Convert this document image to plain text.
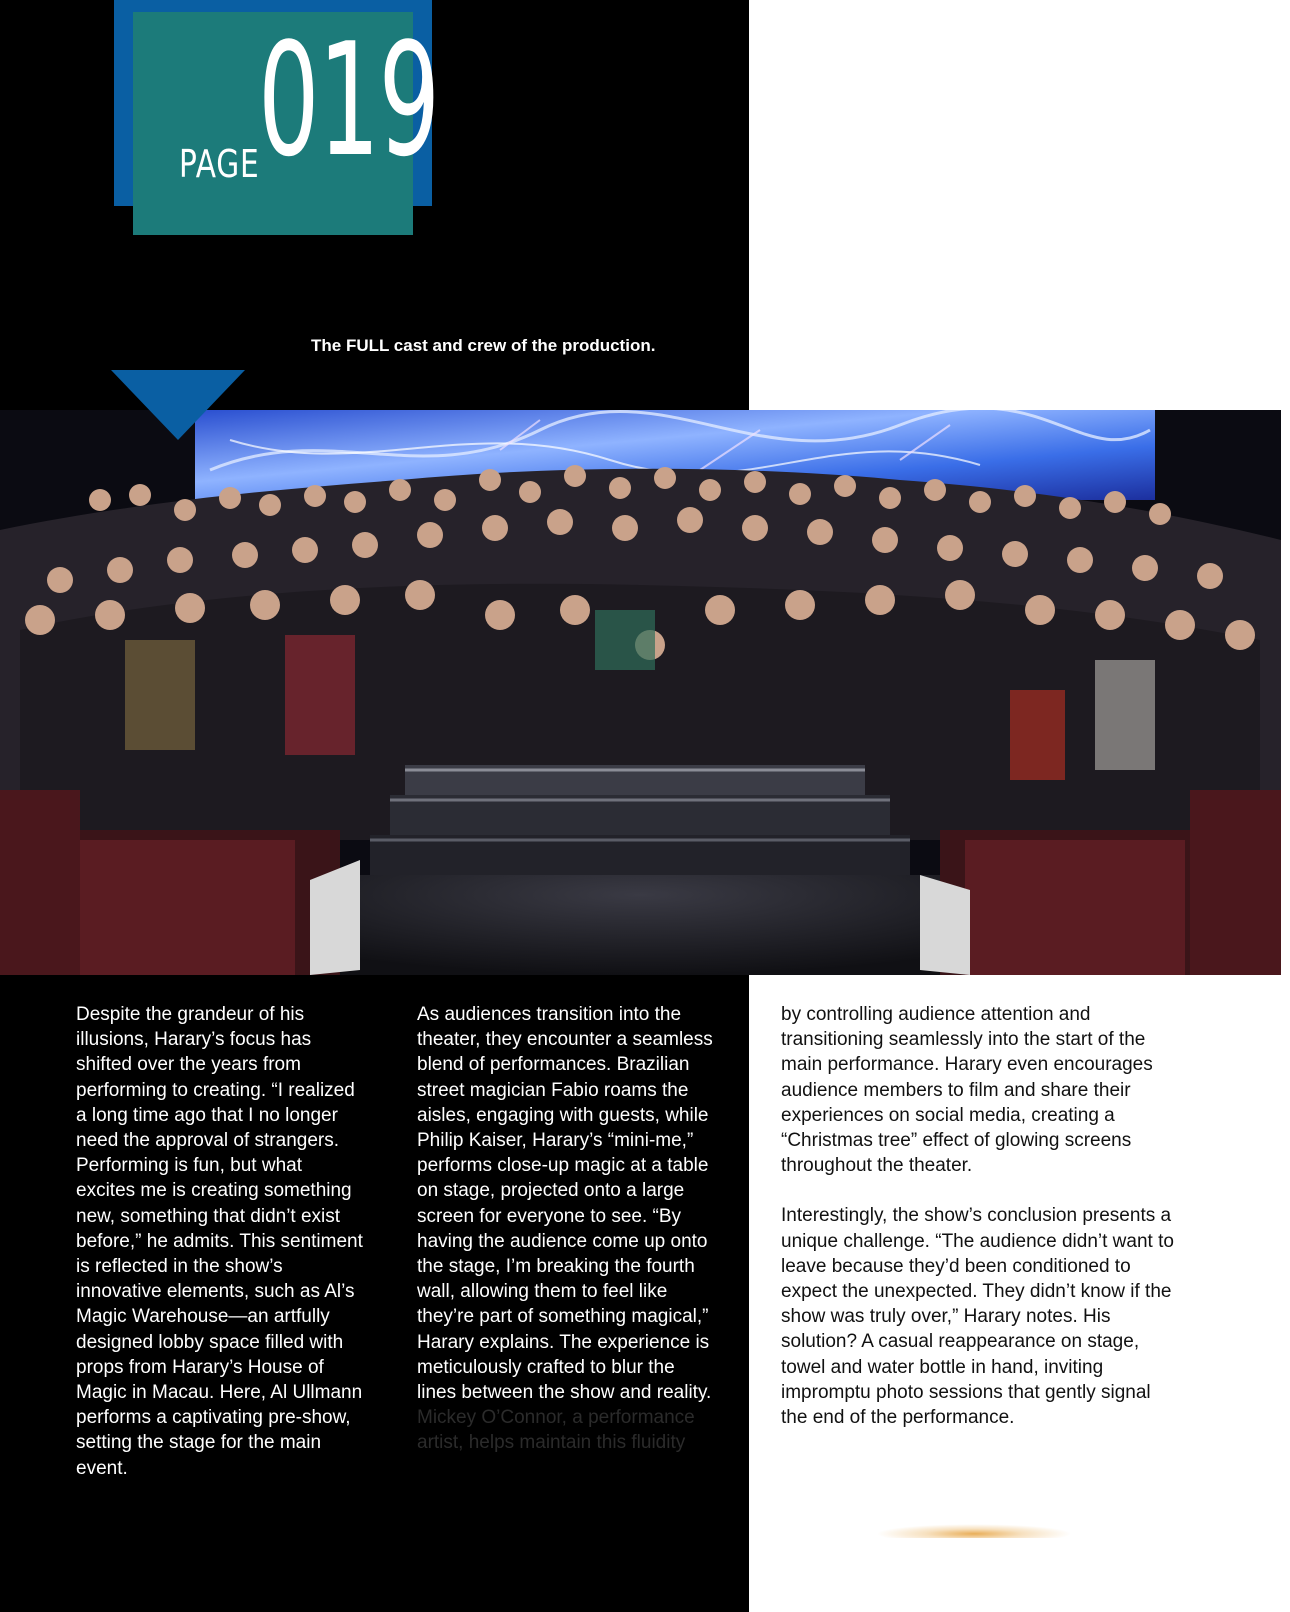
PAGE
019
The FULL cast and crew of the production.

Despite the grandeur of his illusions, Harary’s focus has shifted over the years from performing to creating. “I realized a long time ago that I no longer need the approval of strangers. Performing is fun, but what excites me is creating something new, something that didn’t exist before,” he admits. This sentiment is reflected in the show’s innovative elements, such as Al’s Magic Warehouse—an artfully designed lobby space filled with props from Harary’s House of Magic in Macau. Here, Al Ullmann performs a captivating pre-show, setting the stage for the main event.

As audiences transition into the theater, they encounter a seamless blend of performances. Brazilian street magician Fabio roams the aisles, engaging with guests, while Philip Kaiser, Harary’s “mini-me,” performs close-up magic at a table on stage, projected onto a large screen for everyone to see. “By having the audience come up onto the stage, I’m breaking the fourth wall, allowing them to feel like they’re part of something magical,” Harary explains. The experience is meticulously crafted to blur the lines between the show and reality. Mickey O’Connor, a performance artist, helps maintain this fluidity

by controlling audience attention and transitioning seamlessly into the start of the main performance. Harary even encourages audience members to film and share their experiences on social media, creating a “Christmas tree” effect of glowing screens throughout the theater.

Interestingly, the show’s conclusion presents a unique challenge. “The audience didn’t want to leave because they’d been conditioned to expect the unexpected. They didn’t know if the show was truly over,” Harary notes. His solution? A casual reappearance on stage, towel and water bottle in hand, inviting impromptu photo sessions that gently signal the end of the performance.
